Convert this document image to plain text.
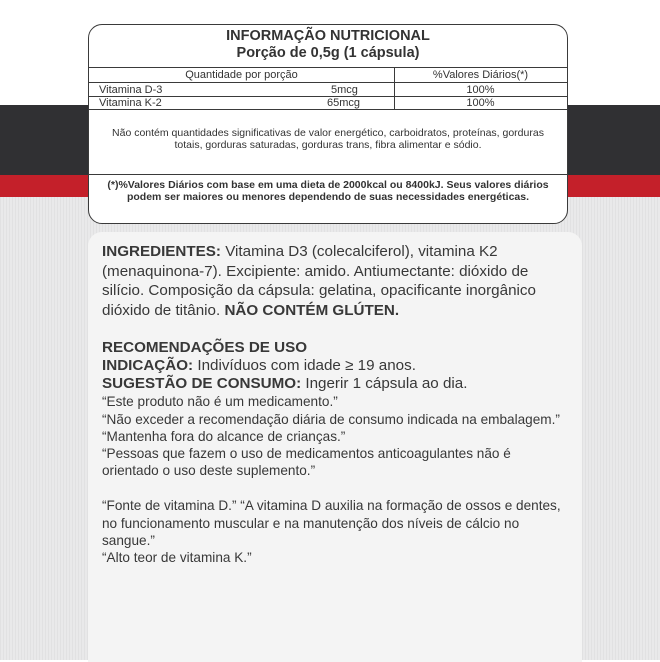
INFORMAÇÃO NUTRICIONAL
Porção de 0,5g (1 cápsula)
Quantidade por porção	%Valores Diários(*)
Vitamina D-3	5mcg	100%
Vitamina K-2	65mcg	100%
Não contém quantidades significativas de valor energético, carboidratos, proteínas, gorduras totais, gorduras saturadas, gorduras trans, fibra alimentar e sódio.
(*)%Valores Diários com base em uma dieta de 2000kcal ou 8400kJ. Seus valores diários podem ser maiores ou menores dependendo de suas necessidades energéticas.

INGREDIENTES: Vitamina D3 (colecalciferol), vitamina K2 (menaquinona-7). Excipiente: amido. Antiumectante: dióxido de silício. Composição da cápsula: gelatina, opacificante inorgânico dióxido de titânio. NÃO CONTÉM GLÚTEN.

RECOMENDAÇÕES DE USO

INDICAÇÃO: Indivíduos com idade ≥ 19 anos.

SUGESTÃO DE CONSUMO: Ingerir 1 cápsula ao dia.

“Este produto não é um medicamento.”

“Não exceder a recomendação diária de consumo indicada na embalagem.” “Mantenha fora do alcance de crianças.”

“Pessoas que fazem o uso de medicamentos anticoagulantes não é orientado o uso deste suplemento.”

“Fonte de vitamina D.” “A vitamina D auxilia na formação de ossos e dentes, no funcionamento muscular e na manutenção dos níveis de cálcio no sangue.”

“Alto teor de vitamina K.”
